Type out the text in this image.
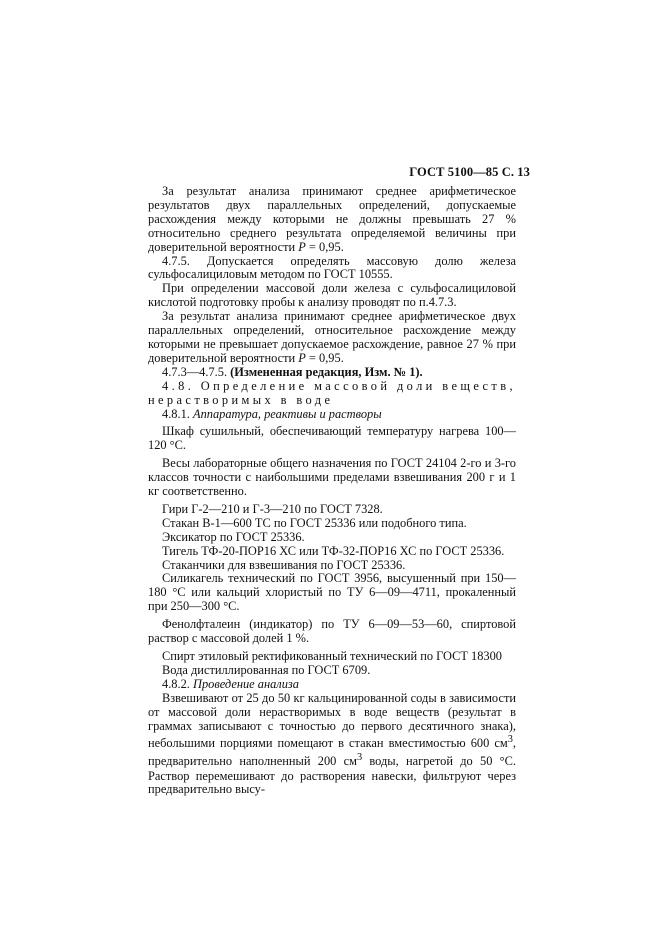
ГОСТ 5100—85 С. 13

За результат анализа принимают среднее арифметическое результатов двух параллельных определений, допускаемые расхождения между которыми не должны превышать 27 % относительно среднего результата определяемой величины при доверительной вероятности P = 0,95.

4.7.5. Допускается определять массовую долю железа сульфосалициловым методом по ГОСТ 10555.

При определении массовой доли железа с сульфосалициловой кислотой подготовку пробы к анализу проводят по п.4.7.3.

За результат анализа принимают среднее арифметическое двух параллельных определений, относительное расхождение между которыми не превышает допускаемое расхождение, равное 27 % при доверительной вероятности P = 0,95.

4.7.3—4.7.5. (Измененная редакция, Изм. № 1).

4.8. Определение массовой доли веществ, нерастворимых в воде

4.8.1. Аппаратура, реактивы и растворы

Шкаф сушильный, обеспечивающий температуру нагрева 100—120 °С.

Весы лабораторные общего назначения по ГОСТ 24104 2-го и 3-го классов точности с наибольшими пределами взвешивания 200 г и 1 кг соответственно.

Гири Г-2—210 и Г-3—210 по ГОСТ 7328.

Стакан В-1—600 ТС по ГОСТ 25336 или подобного типа.

Эксикатор по ГОСТ 25336.

Тигель ТФ-20-ПОР16 ХС или ТФ-32-ПОР16 ХС по ГОСТ 25336.

Стаканчики для взвешивания по ГОСТ 25336.

Силикагель технический по ГОСТ 3956, высушенный при 150—180 °С или кальций хлористый по ТУ 6—09—4711, прокаленный при 250—300 °С.

Фенолфталеин (индикатор) по ТУ 6—09—53—60, спиртовой раствор с массовой долей 1 %.

Спирт этиловый ректификованный технический по ГОСТ 18300

Вода дистиллированная по ГОСТ 6709.

4.8.2. Проведение анализа

Взвешивают от 25 до 50 кг кальцинированной соды в зависимости от массовой доли нерастворимых в воде веществ (результат в граммах записывают с точностью до первого десятичного знака), небольшими порциями помещают в стакан вместимостью 600 $см^3$, предварительно наполненный 200 $см^3$ воды, нагретой до 50 °С. Раствор перемешивают до растворения навески, фильтруют через предварительно высу-
